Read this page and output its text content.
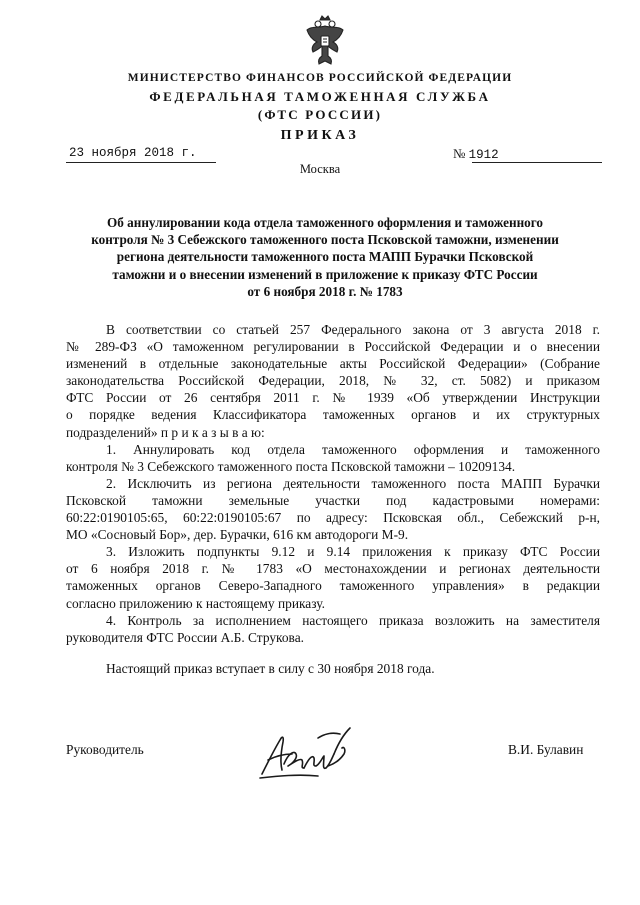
МИНИСТЕРСТВО ФИНАНСОВ РОССИЙСКОЙ ФЕДЕРАЦИИ
ФЕДЕРАЛЬНАЯ ТАМОЖЕННАЯ СЛУЖБА
(ФТС РОССИИ)
ПРИКАЗ
23 ноября 2018 г.	№ 1912
Москва
Об аннулировании кода отдела таможенного оформления и таможенного
контроля № 3 Себежского таможенного поста Псковской таможни, изменении
региона деятельности таможенного поста МАПП Бурачки Псковской
таможни и о внесении изменений в приложение к приказу ФТС России
от 6 ноября 2018 г. № 1783
В соответствии со статьей 257 Федерального закона от 3 августа 2018 г.
№ 289-ФЗ «О таможенном регулировании в Российской Федерации и о внесении
изменений в отдельные законодательные акты Российской Федерации» (Собрание
законодательства Российской Федерации, 2018, № 32, ст. 5082) и приказом
ФТС России от 26 сентября 2011 г. № 1939 «Об утверждении Инструкции
о порядке ведения Классификатора таможенных органов и их структурных
подразделений» п р и к а з ы в а ю:
1. Аннулировать код отдела таможенного оформления и таможенного
контроля № 3 Себежского таможенного поста Псковской таможни – 10209134.
2. Исключить из региона деятельности таможенного поста МАПП Бурачки
Псковской таможни земельные участки под кадастровыми номерами:
60:22:0190105:65, 60:22:0190105:67 по адресу: Псковская обл., Себежский р-н,
МО «Сосновый Бор», дер. Бурачки, 616 км автодороги М-9.
3. Изложить подпункты 9.12 и 9.14 приложения к приказу ФТС России
от 6 ноября 2018 г. № 1783 «О местонахождении и регионах деятельности
таможенных органов Северо-Западного таможенного управления» в редакции
согласно приложению к настоящему приказу.
4. Контроль за исполнением настоящего приказа возложить на заместителя
руководителя ФТС России А.Б. Струкова.
Настоящий приказ вступает в силу с 30 ноября 2018 года.
Руководитель	В.И. Булавин
